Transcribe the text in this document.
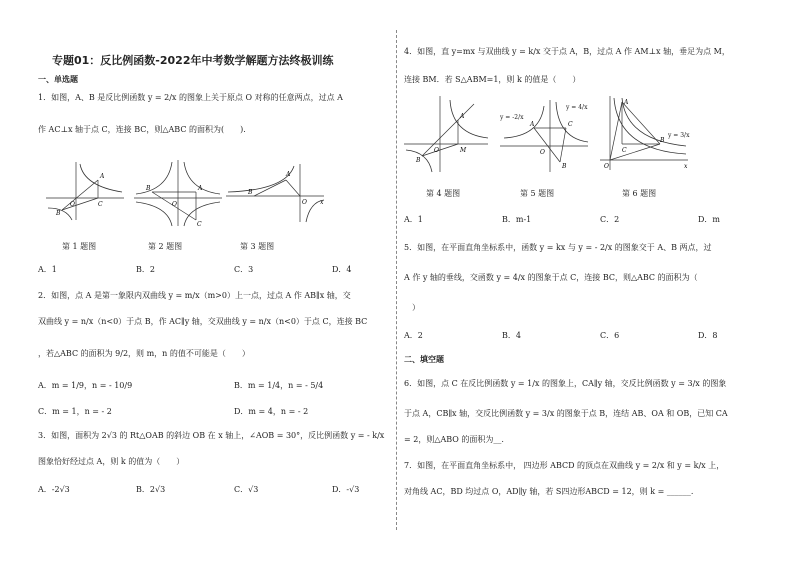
专题01：反比例函数-2022年中考数学解题方法终极训练
一、单选题
1．如图，A、B 是反比例函数 y = 2/x 的图象上关于原点 O 对称的任意两点，过点 A
作 AC⊥x 轴于点 C，连接 BC，则△ABC 的面积为(　　).
A
B
C
O
A
B
C
O
A
B
O x
第 1 题图	第 2 题图	第 3 题图
A．1	B．2	C．3	D．4
2．如图，点 A 是第一象限内双曲线 y = m/x（m>0）上一点，过点 A 作 AB∥x 轴，交
双曲线 y = n/x（n<0）于点 B，作 AC∥y 轴，交双曲线 y = n/x（n<0）于点 C，连接 BC
，若△ABC 的面积为 9/2，则 m，n 的值不可能是（　　）
A．m = 1/9，n = - 10/9	B．m = 1/4，n = - 5/4
C．m = 1，n = - 2	D．m = 4，n = - 2
3．如图，面积为 2√3 的 Rt△OAB 的斜边 OB 在 x 轴上，∠AOB = 30°，反比例函数 y = - k/x
图象恰好经过点 A，则 k 的值为（　　）
A．-2√3	B．2√3	C．√3	D．-√3
4．如图，直 y=mx 与双曲线 y = k/x 交于点 A，B，过点 A 作 AM⊥x 轴，垂足为点 M，
连接 BM．若 S△ABM=1，则 k 的值是（　　）
A
B
M
O
A	C
B
O
y = 4/x
y = -2/x
A
C
B
O	x
y = 3/x
第 4 题图	第 5 题图	第 6 题图
A．1	B．m-1	C．2	D．m
5．如图，在平面直角坐标系中，函数 y = kx 与 y = - 2/x 的图象交于 A、B 两点，过
A 作 y 轴的垂线，交函数 y = 4/x 的图象于点 C，连接 BC，则△ABC 的面积为（
　）
A．2	B．4	C．6	D．8
二、填空题
6．如图，点 C 在反比例函数 y = 1/x 的图象上，CA∥y 轴，交反比例函数 y = 3/x 的图象
于点 A，CB∥x 轴，交反比例函数 y = 3/x 的图象于点 B，连结 AB、OA 和 OB，已知 CA
= 2，则△ABO 的面积为__.
7．如图，在平面直角坐标系中， 四边形 ABCD 的顶点在双曲线 y = 2/x 和 y = k/x 上，
对角线 AC，BD 均过点 O，AD∥y 轴，若 S四边形ABCD = 12，则 k = ______.
